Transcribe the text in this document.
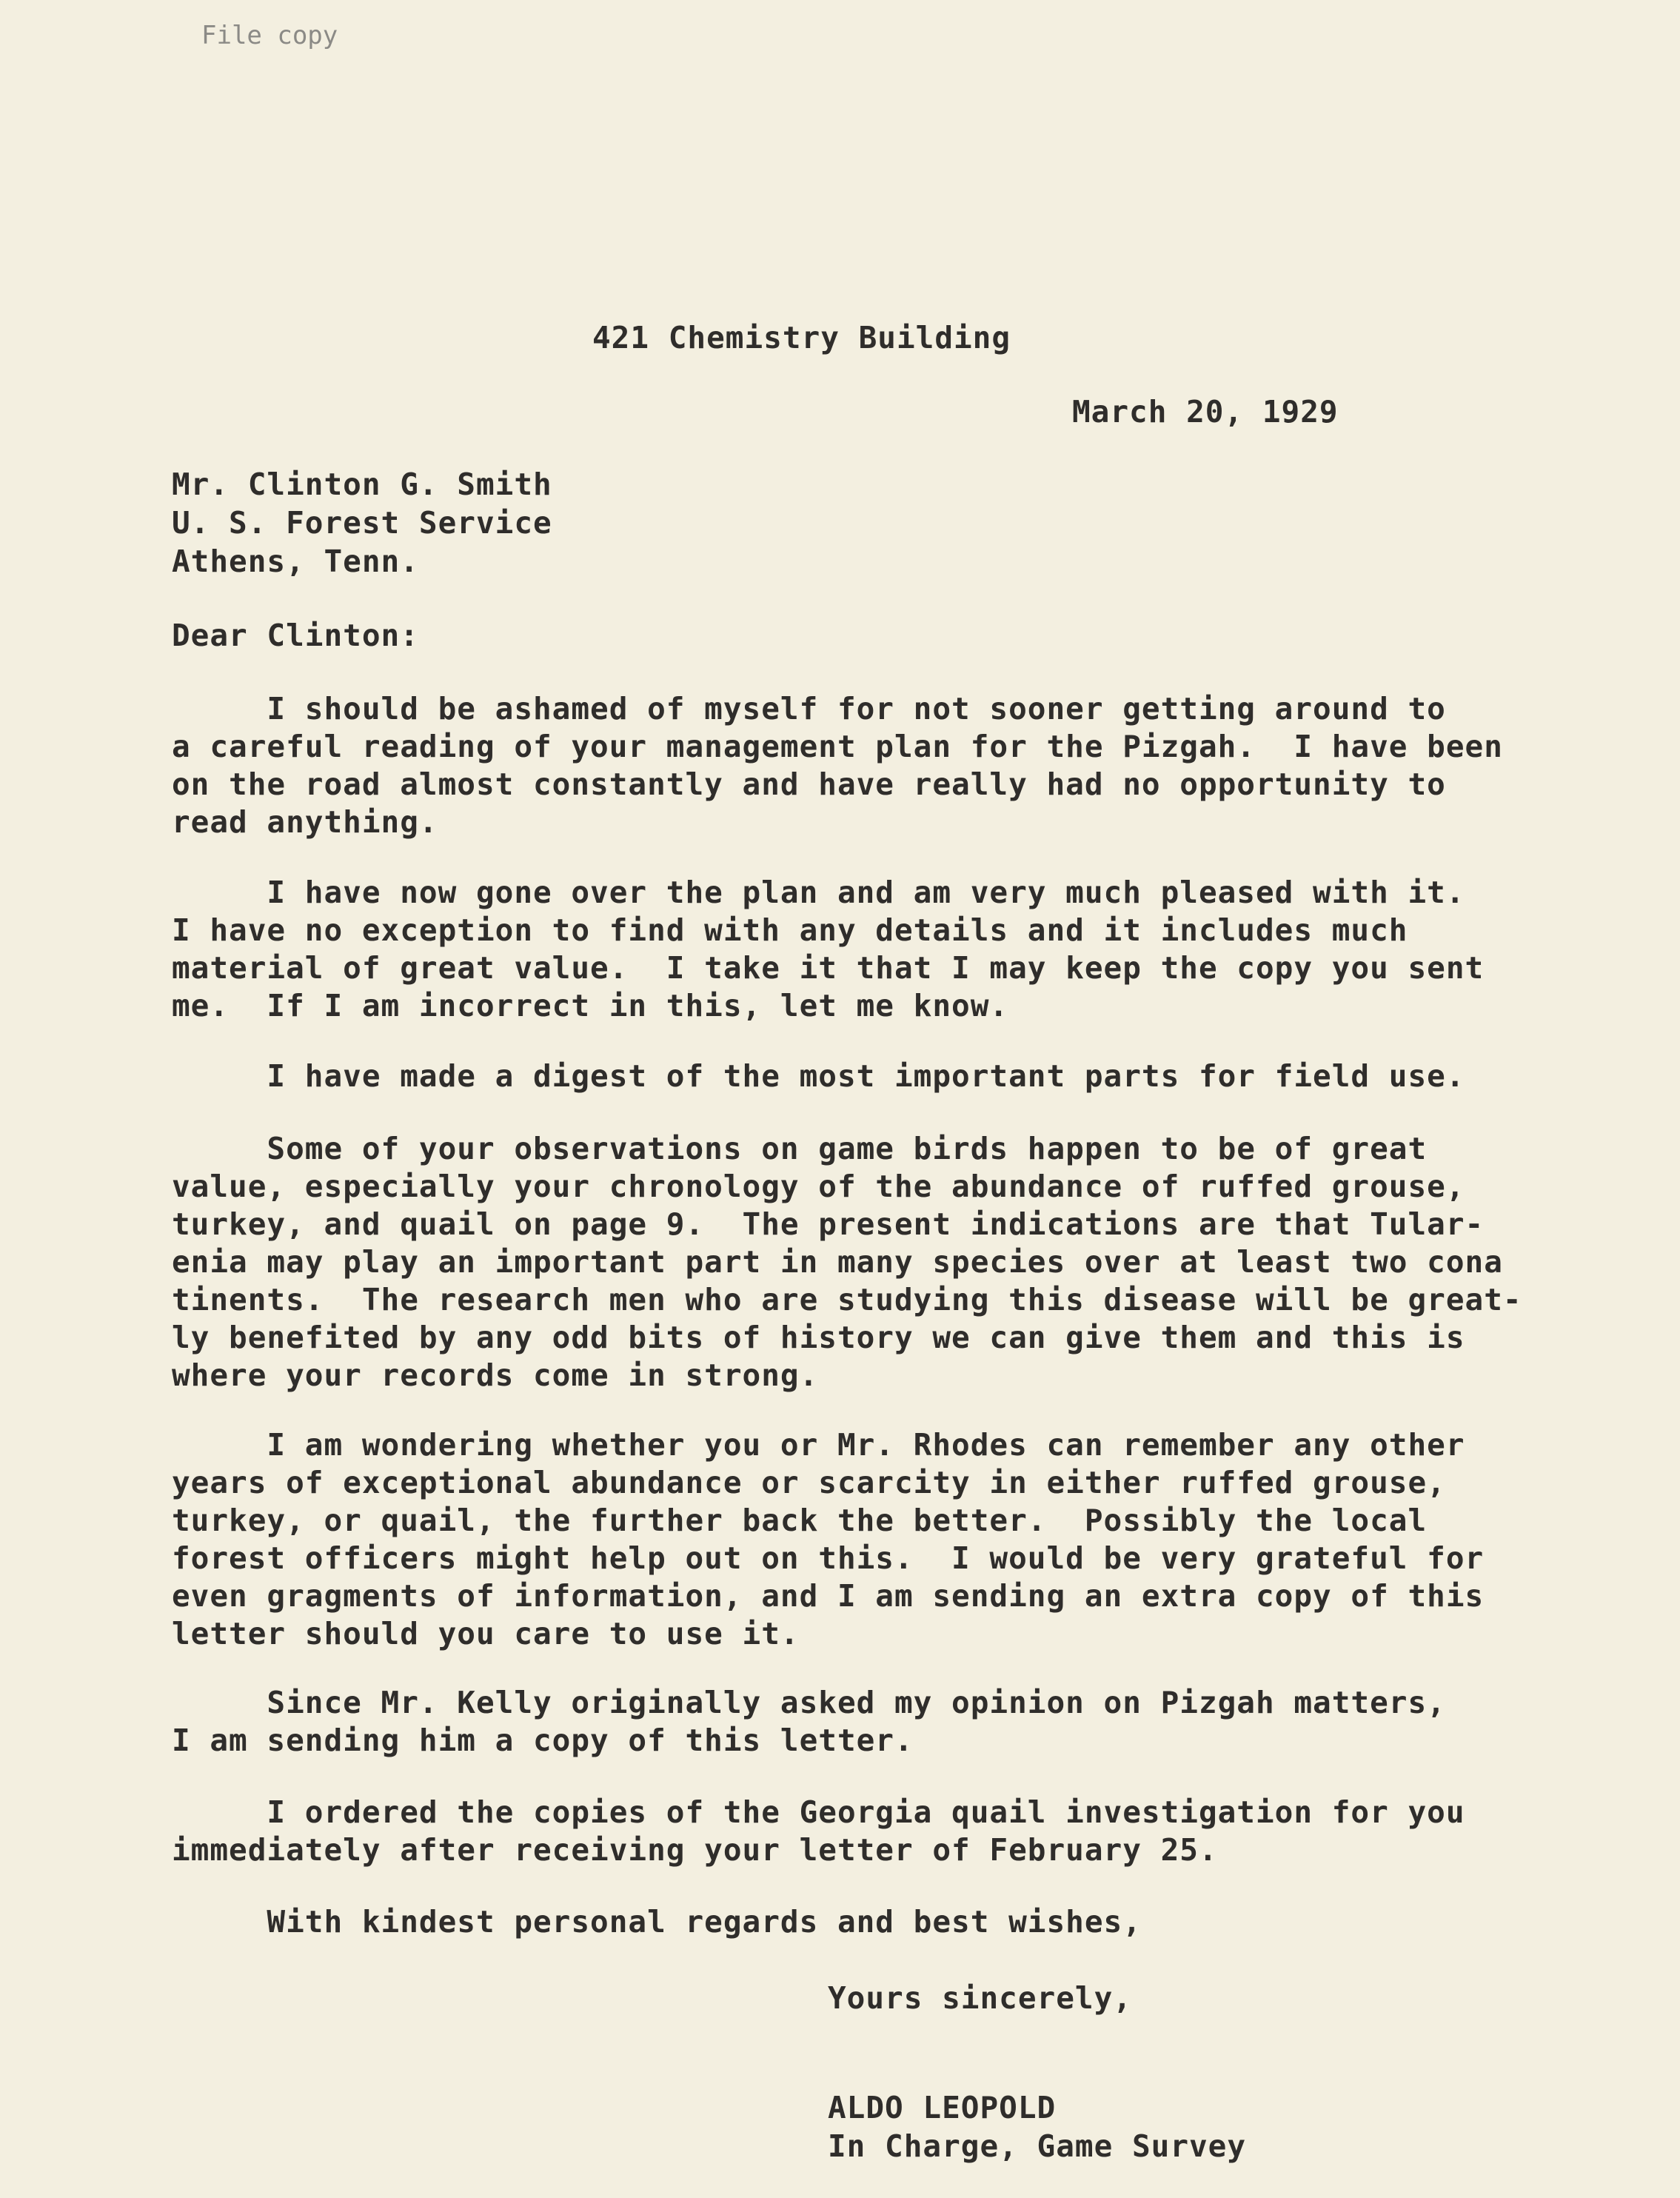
File copy
421 Chemistry Building
March 20, 1929
Mr. Clinton G. Smith
U. S. Forest Service
Athens, Tenn.
Dear Clinton:
I should be ashamed of myself for not sooner getting around to
a careful reading of your management plan for the Pizgah.  I have been
on the road almost constantly and have really had no opportunity to
read anything.
I have now gone over the plan and am very much pleased with it.
I have no exception to find with any details and it includes much
material of great value.  I take it that I may keep the copy you sent
me.  If I am incorrect in this, let me know.
I have made a digest of the most important parts for field use.
Some of your observations on game birds happen to be of great
value, especially your chronology of the abundance of ruffed grouse,
turkey, and quail on page 9.  The present indications are that Tular-
enia may play an important part in many species over at least two cona
tinents.  The research men who are studying this disease will be great-
ly benefited by any odd bits of history we can give them and this is
where your records come in strong.
I am wondering whether you or Mr. Rhodes can remember any other
years of exceptional abundance or scarcity in either ruffed grouse,
turkey, or quail, the further back the better.  Possibly the local
forest officers might help out on this.  I would be very grateful for
even gragments of information, and I am sending an extra copy of this
letter should you care to use it.
Since Mr. Kelly originally asked my opinion on Pizgah matters,
I am sending him a copy of this letter.
I ordered the copies of the Georgia quail investigation for you
immediately after receiving your letter of February 25.
With kindest personal regards and best wishes,
Yours sincerely,
ALDO LEOPOLD
In Charge, Game Survey
